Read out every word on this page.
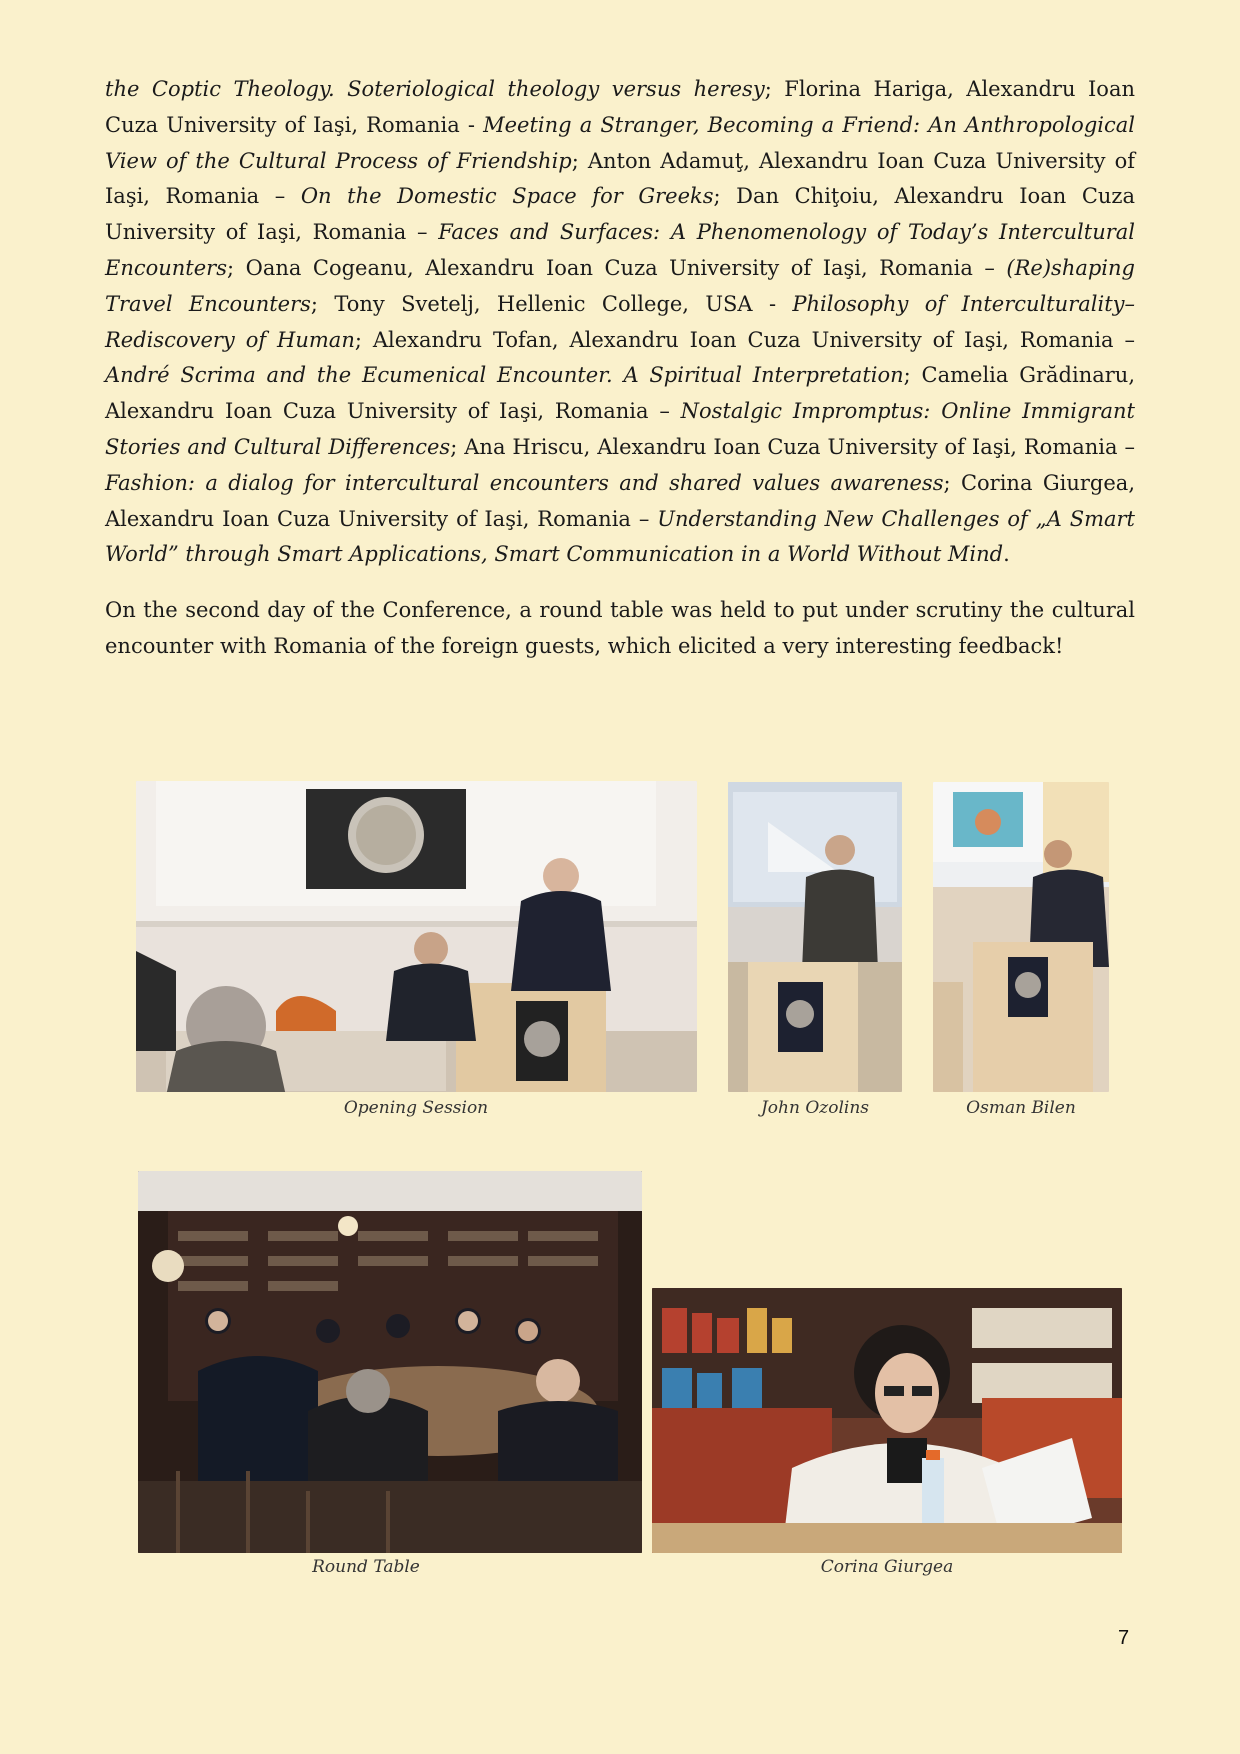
the Coptic Theology. Soteriological theology versus heresy; Florina Hariga, Alexandru Ioan Cuza University of Iaşi, Romania - Meeting a Stranger, Becoming a Friend: An Anthropological View of the Cultural Process of Friendship; Anton Adamuţ, Alexandru Ioan Cuza University of Iaşi, Romania – On the Domestic Space for Greeks; Dan Chiţoiu, Alexandru Ioan Cuza University of Iaşi, Romania – Faces and Surfaces: A Phenomenology of Today’s Intercultural Encounters; Oana Cogeanu, Alexandru Ioan Cuza University of Iaşi, Romania – (Re)shaping Travel Encounters; Tony Svetelj, Hellenic College, USA - Philosophy of Interculturality–Rediscovery of Human; Alexandru Tofan, Alexandru Ioan Cuza University of Iaşi, Romania – André Scrima and the Ecumenical Encounter. A Spiritual Interpretation; Camelia Grădinaru, Alexandru Ioan Cuza University of Iaşi, Romania – Nostalgic Impromptus: Online Immigrant Stories and Cultural Differences; Ana Hriscu, Alexandru Ioan Cuza University of Iaşi, Romania – Fashion: a dialog for intercultural encounters and shared values awareness; Corina Giurgea, Alexandru Ioan Cuza University of Iaşi, Romania – Understanding New Challenges of „A Smart World” through Smart Applications, Smart Communication in a World Without Mind.

On the second day of the Conference, a round table was held to put under scrutiny the cultural encounter with Romania of the foreign guests, which elicited a very interesting feedback!

Opening Session	John Ozolins	Osman Bilen
Round Table	Corina Giurgea
7
